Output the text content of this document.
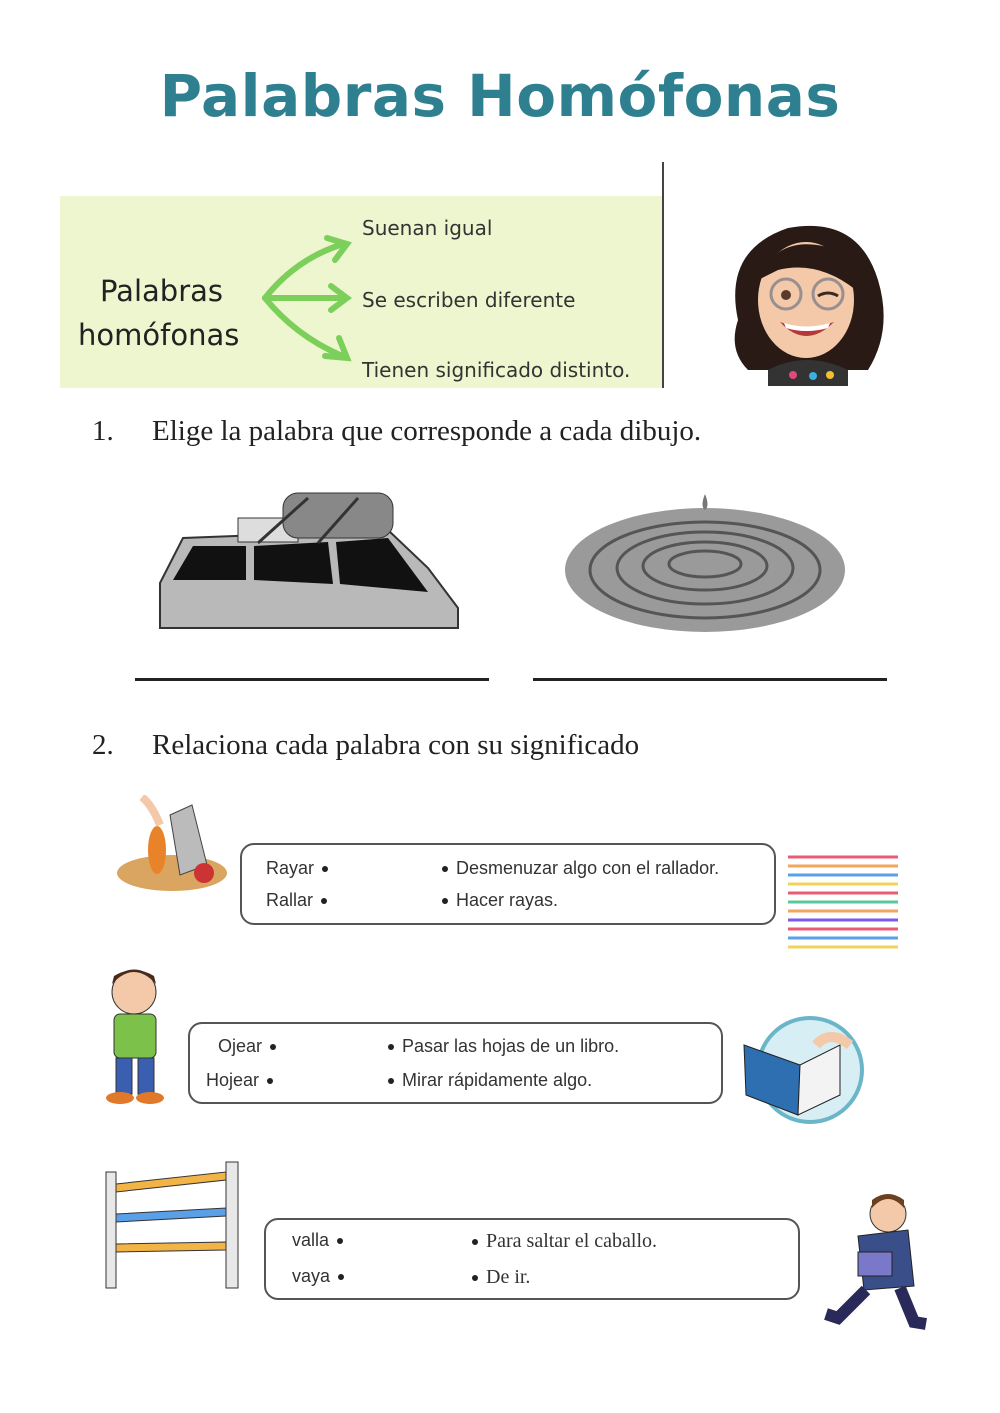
Palabras Homófonas
Palabras
homófonas
Suenan igual
Se escriben diferente
Tienen significado distinto.
1. Elige la palabra que corresponde a cada dibujo.
2. Relaciona cada palabra con su significado
Rayar
Rallar
Desmenuzar algo con el rallador.
Hacer rayas.
Ojear
Hojear
Pasar las hojas de un libro.
Mirar rápidamente algo.
valla
vaya
Para saltar el caballo.
De ir.
